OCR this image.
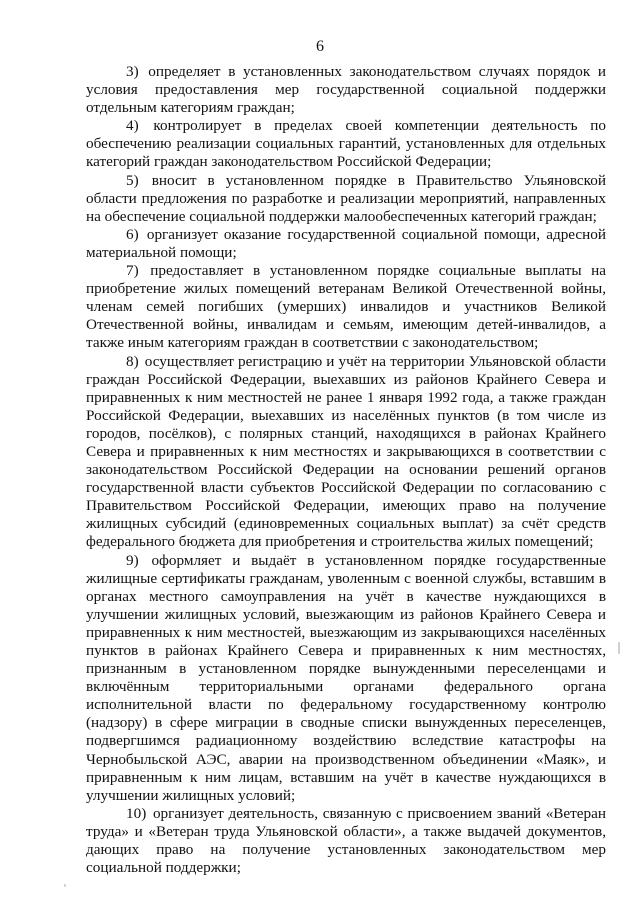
6

3) определяет в установленных законодательством случаях порядок и условия предоставления мер государственной социальной поддержки отдельным категориям граждан;

4) контролирует в пределах своей компетенции деятельность по обеспечению реализации социальных гарантий, установленных для отдельных категорий граждан законодательством Российской Федерации;

5) вносит в установленном порядке в Правительство Ульяновской области предложения по разработке и реализации мероприятий, направленных на обеспечение социальной поддержки малообеспеченных категорий граждан;

6) организует оказание государственной социальной помощи, адресной материальной помощи;

7) предоставляет в установленном порядке социальные выплаты на приобретение жилых помещений ветеранам Великой Отечественной войны, членам семей погибших (умерших) инвалидов и участников Великой Отечественной войны, инвалидам и семьям, имеющим детей-инвалидов, а также иным категориям граждан в соответствии с законодательством;

8) осуществляет регистрацию и учёт на территории Ульяновской области граждан Российской Федерации, выехавших из районов Крайнего Севера и приравненных к ним местностей не ранее 1 января 1992 года, а также граждан Российской Федерации, выехавших из населённых пунктов (в том числе из городов, посёлков), с полярных станций, находящихся в районах Крайнего Севера и приравненных к ним местностях и закрывающихся в соответствии с законодательством Российской Федерации на основании решений органов государственной власти субъектов Российской Федерации по согласованию с Правительством Российской Федерации, имеющих право на получение жилищных субсидий (единовременных социальных выплат) за счёт средств федерального бюджета для приобретения и строительства жилых помещений;

9) оформляет и выдаёт в установленном порядке государственные жилищные сертификаты гражданам, уволенным с военной службы, вставшим в органах местного самоуправления на учёт в качестве нуждающихся в улучшении жилищных условий, выезжающим из районов Крайнего Севера и приравненных к ним местностей, выезжающим из закрывающихся населённых пунктов в районах Крайнего Севера и приравненных к ним местностях, признанным в установленном порядке вынужденными переселенцами и включённым территориальными органами федерального органа исполнительной власти по федеральному государственному контролю (надзору) в сфере миграции в сводные списки вынужденных переселенцев, подвергшимся радиационному воздействию вследствие катастрофы на Чернобыльской АЭС, аварии на производственном объединении «Маяк», и приравненным к ним лицам, вставшим на учёт в качестве нуждающихся в улучшении жилищных условий;

10) организует деятельность, связанную с присвоением званий «Ветеран труда» и «Ветеран труда Ульяновской области», а также выдачей документов, дающих право на получение установленных законодательством мер социальной поддержки;
